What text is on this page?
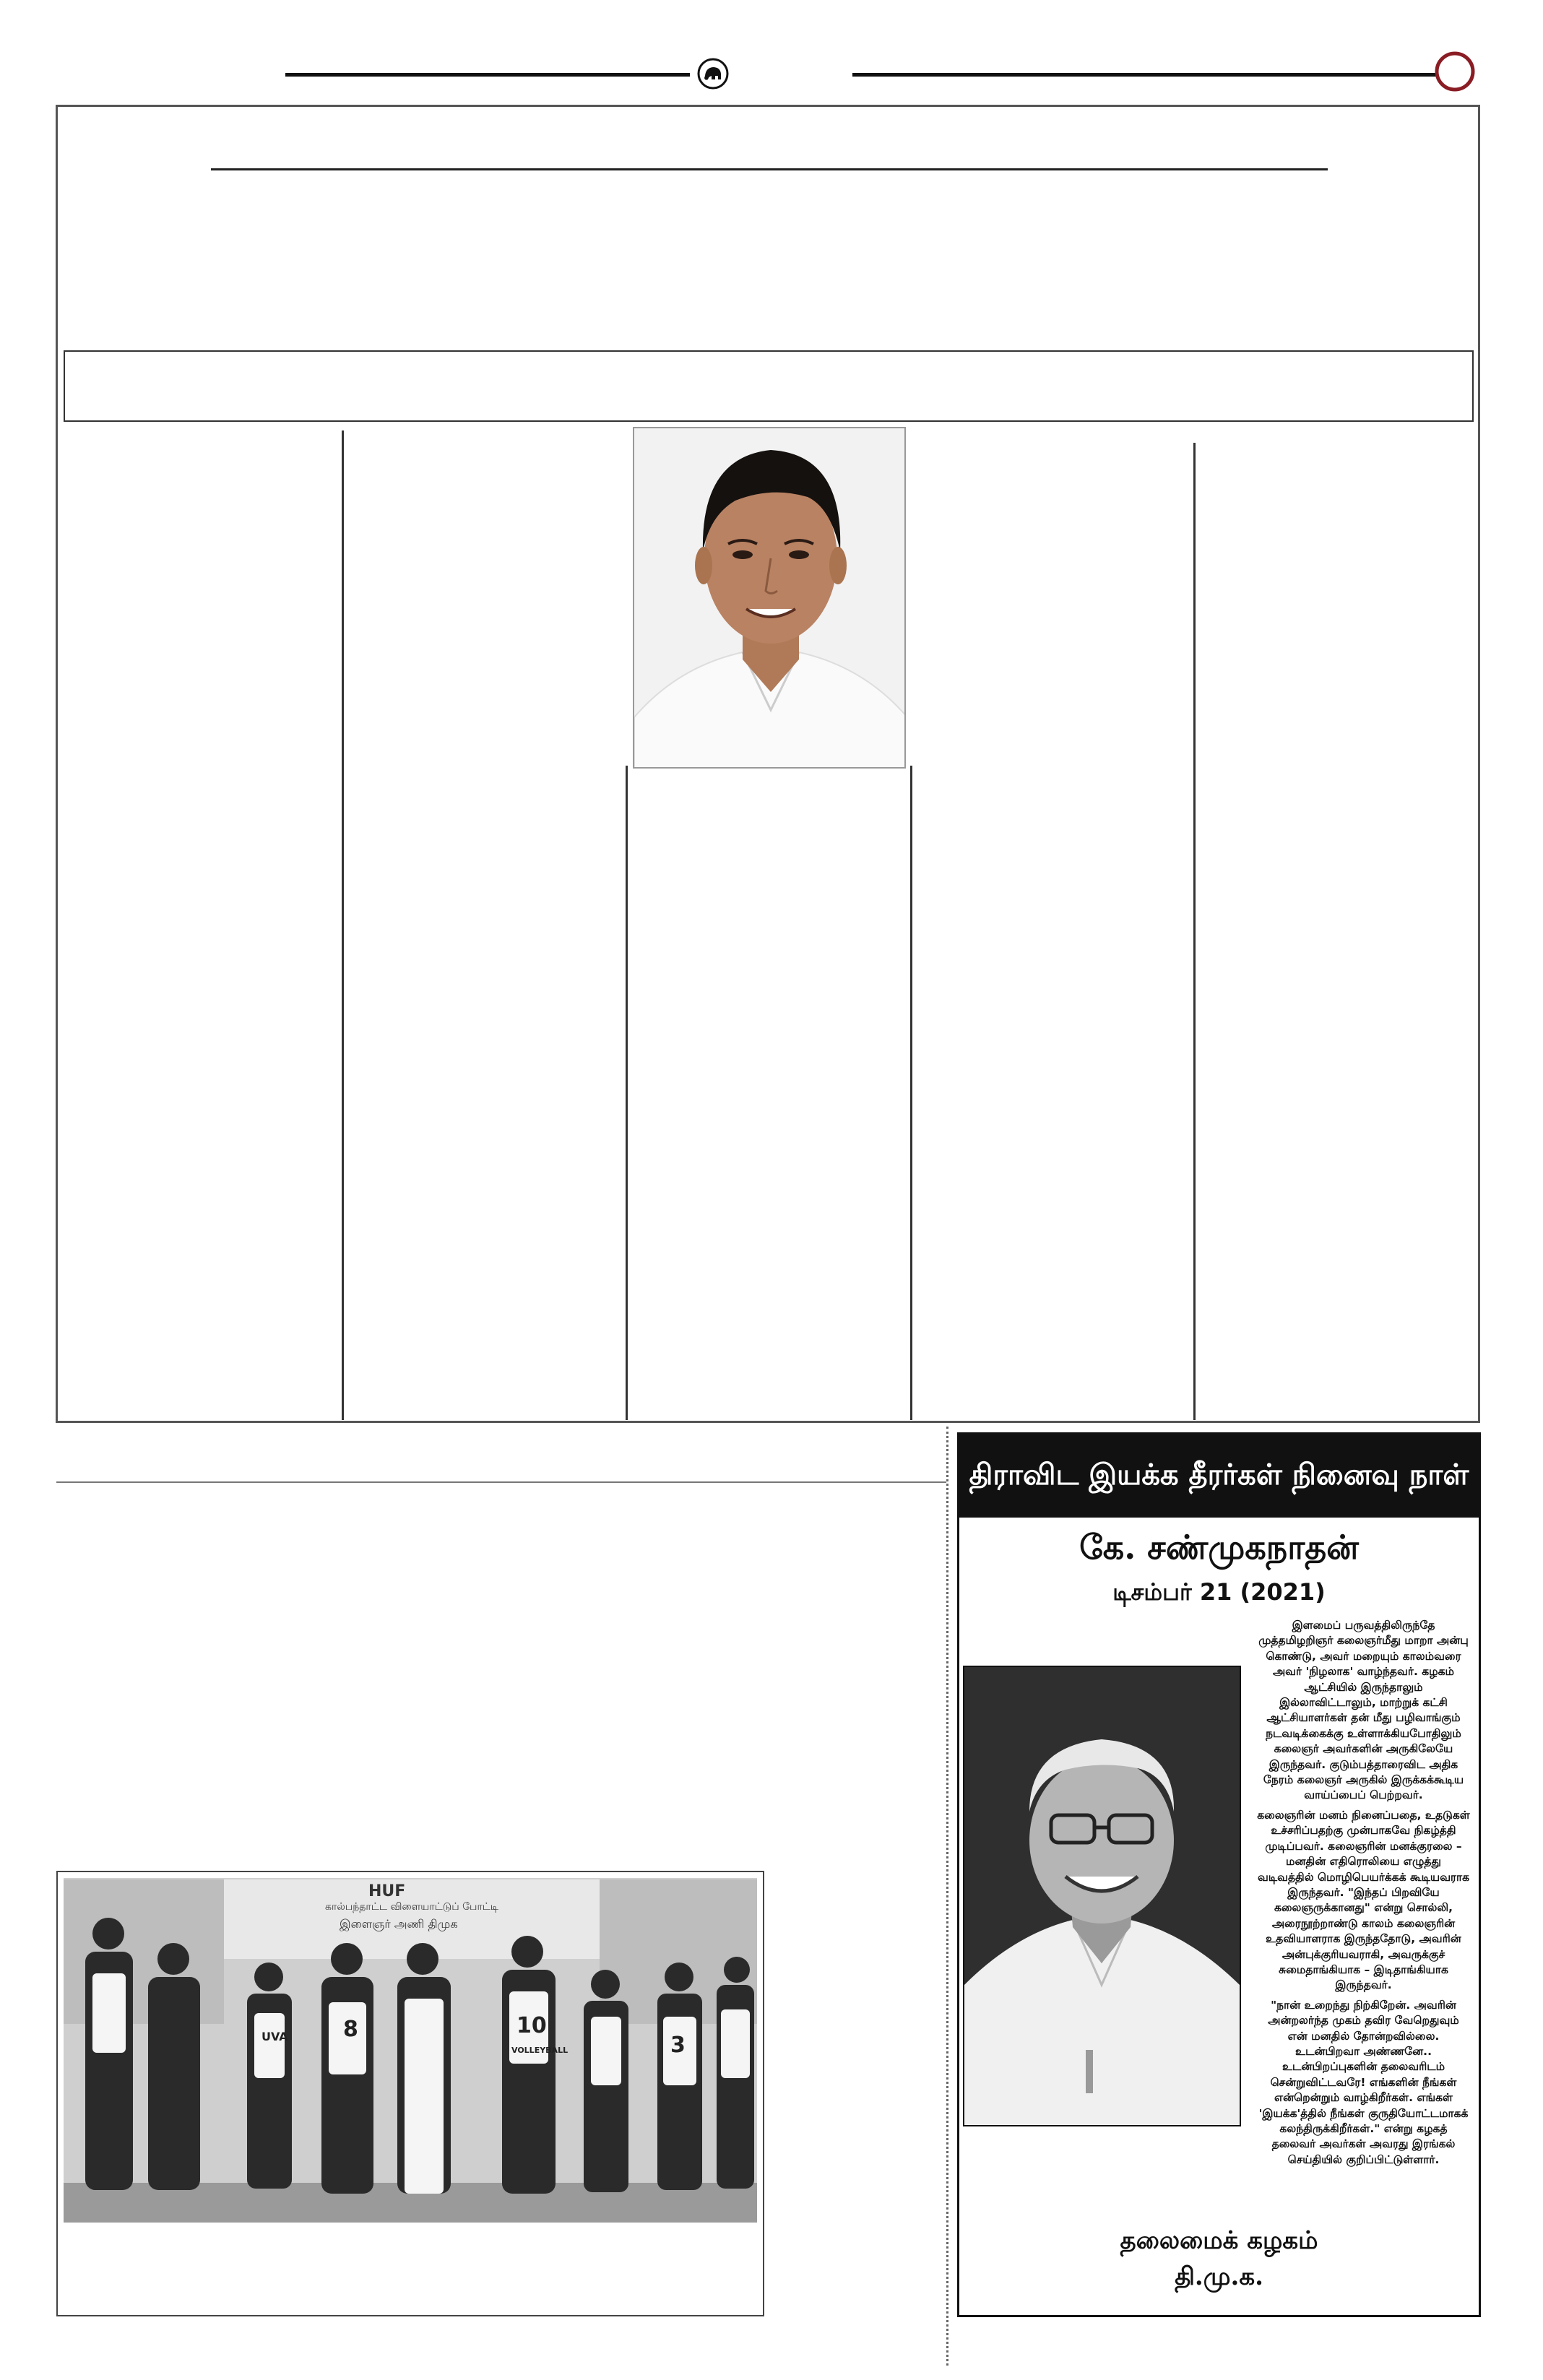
HUF
கால்பந்தாட்ட விளையாட்டுப் போட்டி
இளைஞர் அணி திமுக
UVA	8	10
3
VOLLEYBALL
திராவிட இயக்க தீரர்கள் நினைவு நாள்
கே. சண்முகநாதன்
டிசம்பர் 21 (2021)

இளமைப் பருவத்திலிருந்தே முத்தமிழறிஞர் கலைஞர்மீது மாறா அன்பு கொண்டு, அவர் மறையும் காலம்வரை அவர் 'நிழலாக' வாழ்ந்தவர். கழகம் ஆட்சியில் இருந்தாலும் இல்லாவிட்டாலும், மாற்றுக் கட்சி ஆட்சியாளர்கள் தன் மீது பழிவாங்கும் நடவடிக்கைக்கு உள்ளாக்கியபோதிலும் கலைஞர் அவர்களின் அருகிலேயே இருந்தவர். குடும்பத்தாரைவிட அதிக நேரம் கலைஞர் அருகில் இருக்கக்கூடிய வாய்ப்பைப் பெற்றவர்.

கலைஞரின் மனம் நினைப்பதை, உதடுகள் உச்சரிப்பதற்கு முன்பாகவே நிகழ்த்தி முடிப்பவர். கலைஞரின் மனக்குரலை – மனதின் எதிரொலியை எழுத்து வடிவத்தில் மொழிபெயர்க்கக் கூடியவராக இருந்தவர். "இந்தப் பிறவியே கலைஞருக்கானது" என்று சொல்லி, அரைநூற்றாண்டு காலம் கலைஞரின் உதவியாளராக இருந்ததோடு, அவரின் அன்புக்குரியவராகி, அவருக்குச் சுமைதாங்கியாக – இடிதாங்கியாக இருந்தவர்.

"நான் உறைந்து நிற்கிறேன். அவரின் அன்றலர்ந்த முகம் தவிர வேறெதுவும் என் மனதில் தோன்றவில்லை. உடன்பிறவா அண்ணனே.. உடன்பிறப்புகளின் தலைவரிடம் சென்றுவிட்டவரே! எங்களின் நீங்கள் என்றென்றும் வாழ்கிறீர்கள். எங்கள் 'இயக்க'த்தில் நீங்கள் குருதியோட்டமாகக் கலந்திருக்கிறீர்கள்." என்று கழகத் தலைவர் அவர்கள் அவரது இரங்கல் செய்தியில் குறிப்பிட்டுள்ளார்.

தலைமைக் கழகம்
தி.மு.க.
